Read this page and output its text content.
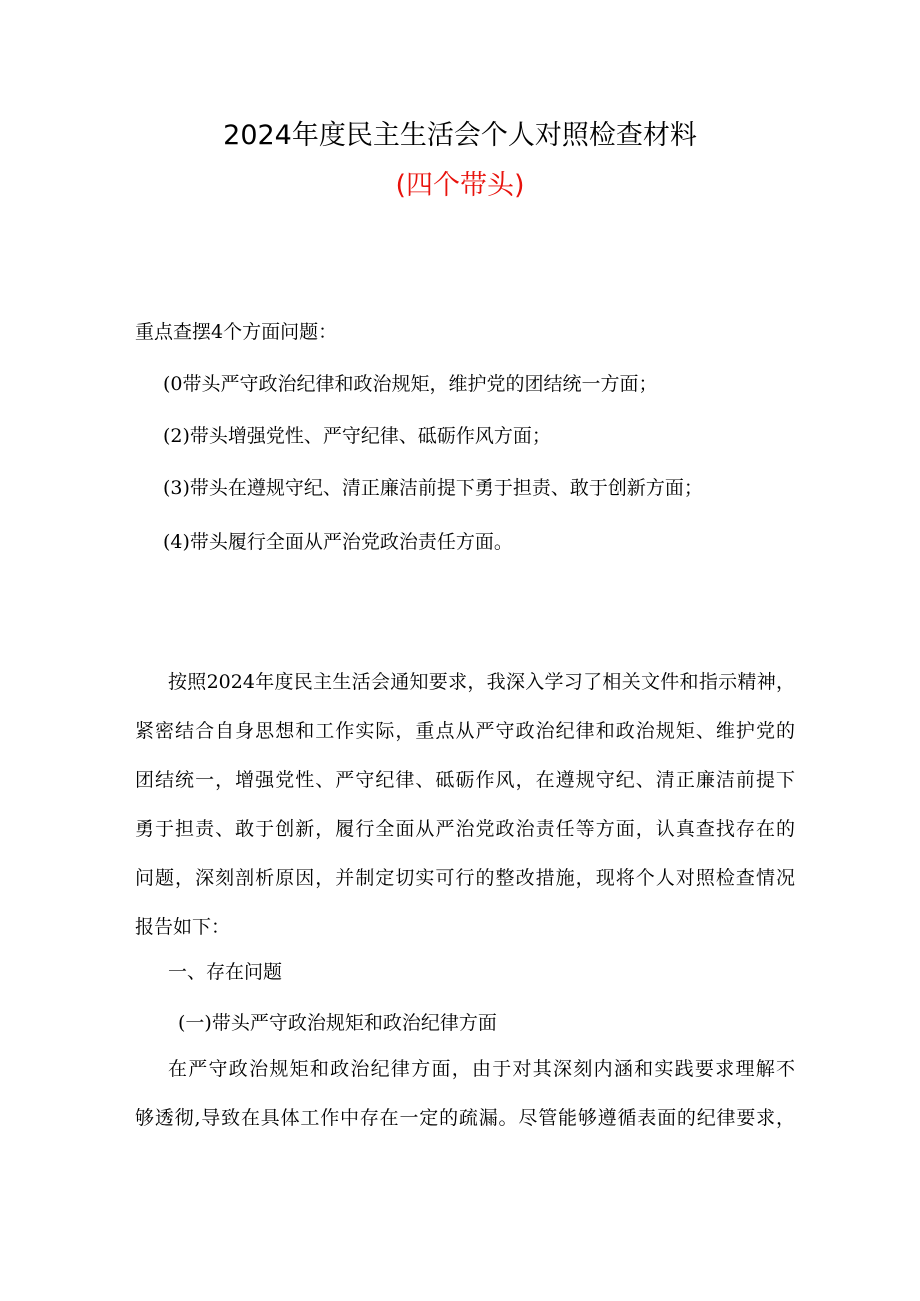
2024年度民主生活会个人对照检查材料
(四个带头)

重点查摆4个方面问题：

(0带头严守政治纪律和政治规矩，维护党的团结统一方面；

(2)带头增强党性、严守纪律、砥砺作风方面；

(3)带头在遵规守纪、清正廉洁前提下勇于担责、敢于创新方面；

(4)带头履行全面从严治党政治责任方面。

按照2024年度民主生活会通知要求，我深入学习了相关文件和指示精神，
紧密结合自身思想和工作实际，重点从严守政治纪律和政治规矩、维护党的
团结统一，增强党性、严守纪律、砥砺作风，在遵规守纪、清正廉洁前提下
勇于担责、敢于创新，履行全面从严治党政治责任等方面，认真查找存在的
问题，深刻剖析原因，并制定切实可行的整改措施，现将个人对照检查情况
报告如下：

一、存在问题

(一)带头严守政治规矩和政治纪律方面

在严守政治规矩和政治纪律方面，由于对其深刻内涵和实践要求理解不
够透彻,导致在具体工作中存在一定的疏漏。尽管能够遵循表面的纪律要求，
